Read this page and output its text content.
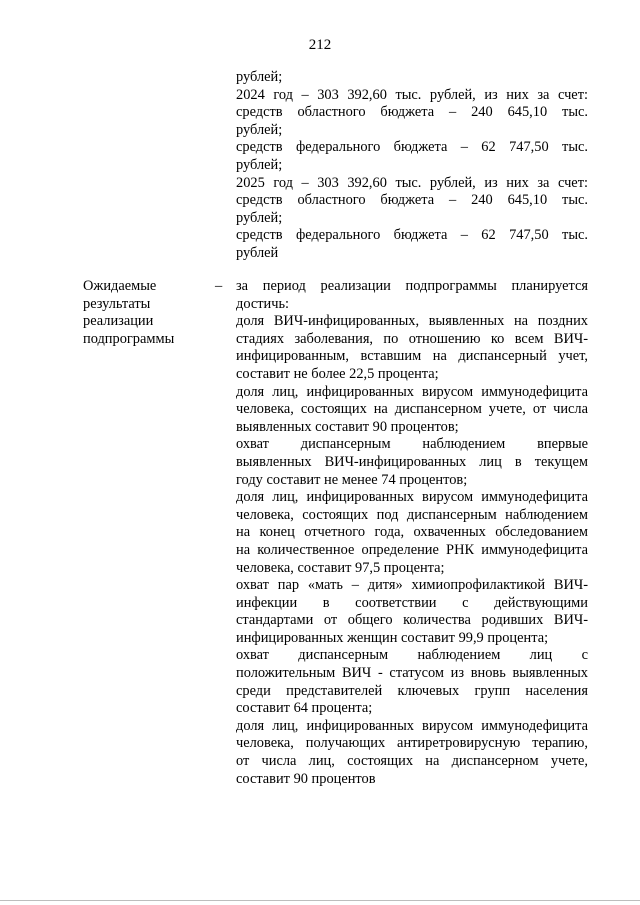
212
рублей;
2024 год – 303 392,60 тыс. рублей, из них за счет:
средств областного бюджета – 240 645,10 тыс.
рублей;
средств федерального бюджета – 62 747,50 тыс.
рублей;
2025 год – 303 392,60 тыс. рублей, из них за счет:
средств областного бюджета – 240 645,10 тыс.
рублей;
средств федерального бюджета – 62 747,50 тыс.
рублей
Ожидаемые
результаты
реализации
подпрограммы
– за период реализации подпрограммы планируется
достичь:
доля ВИЧ-инфицированных, выявленных на поздних
стадиях заболевания, по отношению ко всем ВИЧ-
инфицированным, вставшим на диспансерный учет,
составит не более 22,5 процента;
доля лиц, инфицированных вирусом иммунодефицита
человека, состоящих на диспансерном учете, от числа
выявленных составит 90 процентов;
охват диспансерным наблюдением впервые
выявленных ВИЧ-инфицированных лиц в текущем
году составит не менее 74 процентов;
доля лиц, инфицированных вирусом иммунодефицита
человека, состоящих под диспансерным наблюдением
на конец отчетного года, охваченных обследованием
на количественное определение РНК иммунодефицита
человека, составит 97,5 процента;
охват пар «мать – дитя» химиопрофилактикой ВИЧ-
инфекции в соответствии с действующими
стандартами от общего количества родивших ВИЧ-
инфицированных женщин составит 99,9 процента;
охват диспансерным наблюдением лиц с
положительным ВИЧ - статусом из вновь выявленных
среди представителей ключевых групп населения
составит 64 процента;
доля лиц, инфицированных вирусом иммунодефицита
человека, получающих антиретровирусную терапию,
от числа лиц, состоящих на диспансерном учете,
составит 90 процентов
